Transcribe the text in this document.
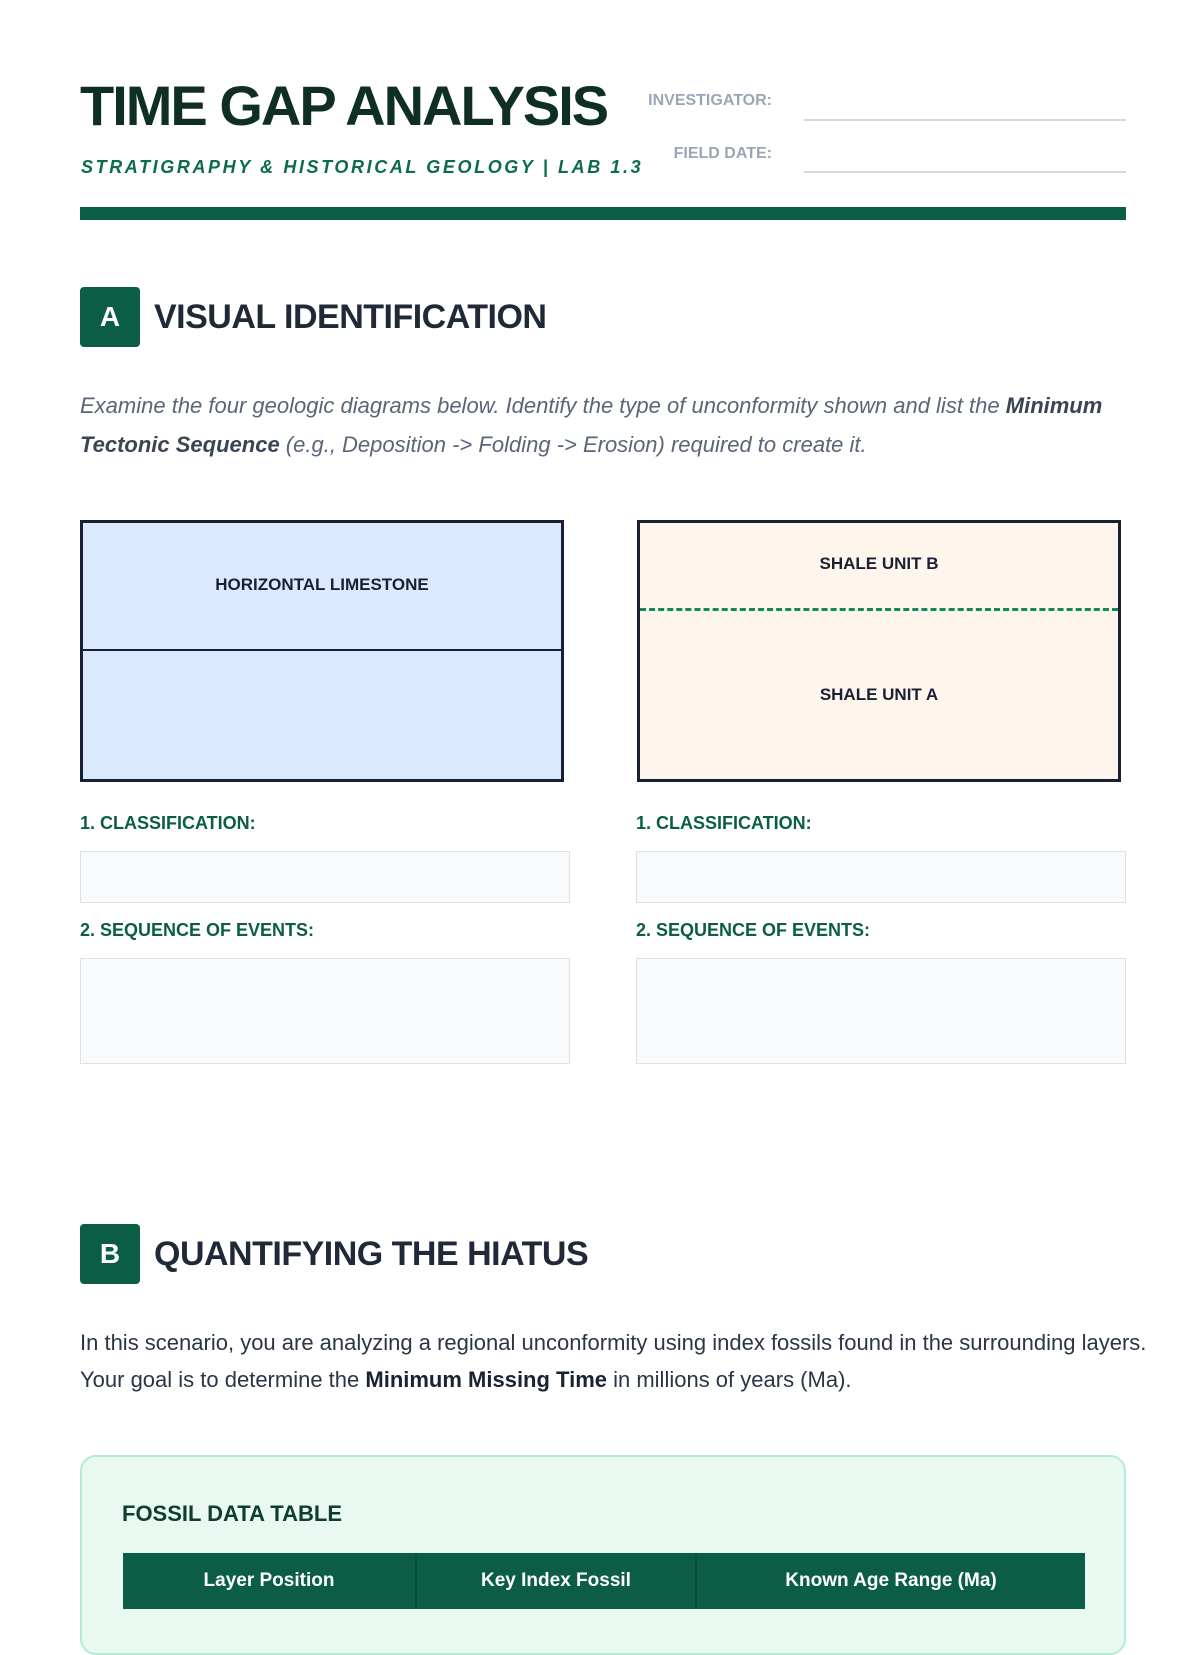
TIME GAP ANALYSIS
STRATIGRAPHY & HISTORICAL GEOLOGY | LAB 1.3
INVESTIGATOR:
FIELD DATE:
A VISUAL IDENTIFICATION

Examine the four geologic diagrams below. Identify the type of unconformity shown and list the Minimum Tectonic Sequence (e.g., Deposition -> Folding -> Erosion) required to create it.

HORIZONTAL LIMESTONE
SHALE UNIT B
SHALE UNIT A
1. CLASSIFICATION:
2. SEQUENCE OF EVENTS:
1. CLASSIFICATION:
2. SEQUENCE OF EVENTS:
B QUANTIFYING THE HIATUS

In this scenario, you are analyzing a regional unconformity using index fossils found in the surrounding layers. Your goal is to determine the Minimum Missing Time in millions of years (Ma).

FOSSIL DATA TABLE
Layer Position	Key Index Fossil	Known Age Range (Ma)
